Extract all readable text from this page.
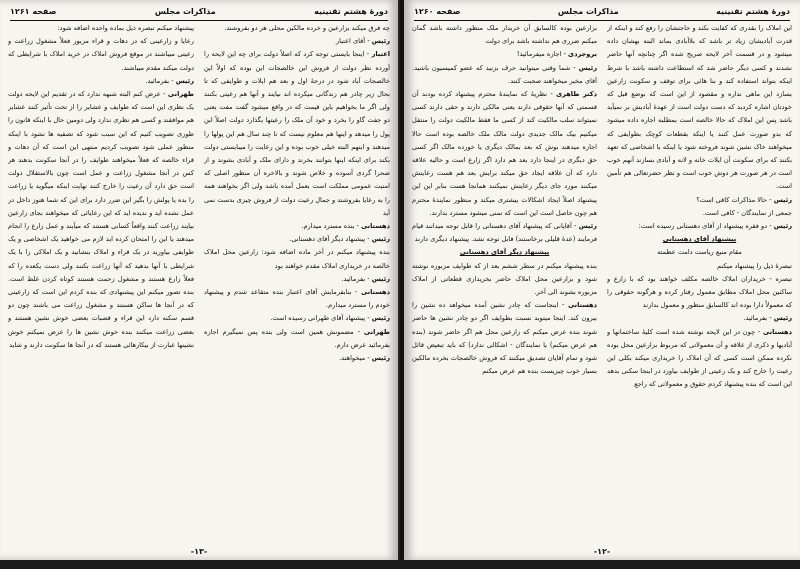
دورهٔ هشتم تقنینیه
مذاکرات مجلس
صفحه ۱۲۶۱

چه فرق میکند بزارعین و خرده مالکین محلی هر دو بفروشند.

رئیس - آقای اعتبار

اعتبار - اینجا بایستی توجه کرد که اصلاً دولت برای چه این لایحه را آورده نظر دولت از فروش این خالصجات این بوده که اولاً این خالصجات آباد شود در درجهٔ اول و بعد هم ایلات و طوایفی که تا بحال زیر چادر هم زندگانی میکرده اند بیایند و آنها هم رعیتی بکنند ولی اگر ما بخواهیم باین قیمت که در واقع میشود گفت مفت یعنی دو جفت گاو را بخرد و خود آن ملک را رعیتها بگذارد دولت اصلاً این پول را میدهد و اینها هم معلوم نیست که تا چند سال هم این پولها را میدهند و اینهم البته خیلی خوب بوده و این رعایت را میبایستی دولت بکند برای اینکه اینها بتوانند بخرند و دارای ملک و آبادی بشوند و از صحرا گردی آسوده و خلاص شوند و بالاخره آن منظور اصلی که امنیت عمومی مملکت است بعمل آمده باشد ولی اگر بخواهند همه را به رعایا بفروشند و جمال رعیت دولت از فروش چیزی بدست نمی آید

دهستانی - بنده مسترد میدارم.

رئیس - پیشنهاد دیگر آقای دهستانی.

بنده پیشنهاد میکنم در آخر ماده اضافه شود: زارعین محل املاک خالصه در خریداری املاک مقدم خواهند بود

رئیس - بفرمائید.

دهستانی - بنابفرمایش آقای اعتبار بنده متقاعد شدم و پیشنهاد خودم را مسترد میدارم.

رئیس - پیشنهاد آقای طهرانی رسیده است.

طهرانی - مضمونش همین است ولی بنده پس نمیگیرم اجازه بفرمائید عرض دارم.

رئیس - میخواهند.

پیشنهاد میکنم تبصره ذیل بماده واحده اضافه شود:

رعایا و زارعینی که در دهات و قراء مزبور فعلاً مشغول زراعت و رعیتی میباشند در موقع فروش املاک در خرید املاک با شرایطی که دولت میکند مقدم میباشند.

رئیس - بفرمائید.

طهرانی - عرض کنم البته شبهه ندارد که در تقدیم این لایحه دولت یک نظری این است که طوایف و عشایر را از تحت تأثیر کنند عشایر هم موافقند و کسی هم نظری ندارد ولی دومین حال با اینکه قانون را طوری تصویب کنیم که این سبب شود که تصفیه ها نشود با اینکه منظور عملی شود تصویب کردیم منتهی این است که آن دهات و قراء خالصه که فعلاً میخواهند طوایف را در آنجا سکونت بدهند هر کس در آنجا مشغول زراعت و عمل است چون بالاستقلال دولت است حق دارد آن رعیت را خارج کنند نهایت اینکه میگوید یا زراعت را بده یا پولش را بگیر این ضرر دارد برای این که شما هنوز داخل در عمل نشده اید و ندیده اید که این رعایائی که میخواهند بجای زارعین بیایند زراعت کنند واقعاً کسانی هستند که میآیند و عمل زارع را انجام میدهند یا این را امتحان کرده اید لازم می خواهید یک اشخاصی و یک طوایفی بیاورید در یک قراء و املاک بنشانید و یک املاکی را با یک شرایطی با آنها بدهید که آنها زراعت بکنند ولی دست یکعده را که فعلاً زارع هستند و مشغول زحمت هستند کوتاه کردن غلط است. بنده تصور میکنم این پیشنهادی که بنده کردم این است که زارعینی که در آنجا ها ساکن هستند و مشغول زراعت می باشند چون دو قسم سکنه دارد این قراء و قصبات بعضی خوش نشین هستند و بعضی زراعت میکنند بنده خوش نشین ها را عرض نمیکنم خوش نشینها عبارت از بیکارهائی هستند که در آنجا ها سکونت دارند و شاید

-۱۳-
دورهٔ هشتم تقنینیه
مذاکرات مجلس
صفحه ۱۲۶۰

این املاک را بقدری که کفایت بکند و حاجتشان را رفع کند و اینکه از قدرت آبادیشان زیاد تر باشد که بلاآبادی بماند البته بهشان داده میشود و در قسمت آخر لایحه صریح شده اگر چنانچه آنها حاضر نشدند و کسی دیگر حاضر شد که استطاعت داشته باشد با شرط اینکه بتواند استفاده کند و بنا هائی برای توقف و سکونت زارعین بسازد این ماهی نداره و مقصود از این است که بوضع قبل که خودتان اشاره کردید که دست دولت است از عهدهٔ آبادیش بر نمیآید باشد پس این املاک که حالا خالصه است بمطلبه اجاره داده میشود که بدو صورت عمل کنند یا اینکه بقطعات کوچک بطوایفی که میخواهند خاک نشین شوند فروخته شود یا اینکه با اشخاصی که تعهد بکنند که برای سکونت آن ایلات خانه و لانه و آبادی بسازند آنهم خوب است در هر صورت هر دوش خوب است و نظر حضرتعالی هم تأمین است.

رئیس - حالا مذاکرات کافی است؟

جمعی از نمایندگان - کافی است.

رئیس - دو فقره پیشنهاد از آقای دهستانی رسیده است:

پیشنهاد آقای دهستانی

مقام منیع ریاست دامت عظمته

تبصرهٔ ذیل را پیشنهاد میکنم

تبصره - خریداران املاک خالصه مکلف خواهند بود که با زارع و ساکنین محل املاک مطابق معمول رفتار کرده و هرگونه حقوقی را که معمولاً دارا بوده اند کالسابق منظور و معمول بدارند

رئیس - بفرمائید.

دهستانی - چون در این لایحه نوشته شده است کلیهٔ ساختمانها و آبادیها و ذکری از علاقه و آن معمولاتی که مربوط بزارعین محل بوده نکرده ممکن است کسی که آن املاک را خریداری میکند بکلی این رعیت را خارج کند و یک رعیتی از طوایف بیاورد در اینجا سکنی بدهد این است که بنده پیشنهاد کردم حقوق و معمولاتی که راجع

بزارعین بوده کالسابق آن خریدار ملک منظور داشته باشد گمان میکنم ضرری هم نداشته باشد برای دولت

بروجردی - اجازه میفرمائید!

رئیس - شما وقتی میتوانید حرف بزنید که عضو کمیسیون باشید. آقای مخبر میخواهند صحبت کنند.

دکتر طاهری - نظریهٔ که نمایندهٔ محترم پیشنهاد کرده بودند آن قسمتی که آنها حقوقی دارند یعنی مالکی دارند و حقی دارند کسی نمیتواند سلب مالکیت کند از کسی ما فقط مالکیت دولت را منتقل میکنیم بیک مالک جدیدی دولت مالک ملک خالصه بوده است حالا اجازه میدهند بوش که بعد بمالک دیگری یا خورده مالک اگر کسی حق دیگری در اینجا دارد بعد هم دارد اگر زارع است و حالیه علاقه دارد که آن علاقه ایجاد حق میکند برایش بعد هم هست رعایتش میکنند مورد جای دیگر رعایتش نمیکنند همانجا هست بنابر این این پیشنهاد اصلاً ایجاد اشکالات بیشتری میکند و منظور نمایندهٔ محترم هم چون حاصل است این است که تمنی میشود مسترد بدارند.

رئیس - آقایانی که پیشنهاد آقای دهستانی را قابل توجه میدانند قیام فرمایند (عدهٔ قلیلی برخاستند) قابل توجه نشد. پیشنهاد دیگری دارند

پیشنهاد دیگر آقای دهستانی

بنده پیشنهاد میکنم در سطر ششم بعد از که طوایف مزبوره نوشته شود و بزارعین محل املاک حاضر بخریداری قطعاتی از املاک مزبوره بشوند الی آخر.

دهستانی - اینجاست که چادر نشین آمده میخواهد ده نشین را بیرون کند. اینجا میتوبد نسبت بطوایف اگر دو چادر نشین ها حاضر شوند بنده عرض میکنم که زارعین محل هم اگر حاضر شوند (بنده هم عرض میکنم) یا نمایندگان - اشکالی ندارد) که باید تبعیض قائل شود و تمام آقایان تصدیق میکنند که فروش خالصجات بخرده مالکین بسیار خوب چیزیست بنده هم عرض میکنم

-۱۲-
